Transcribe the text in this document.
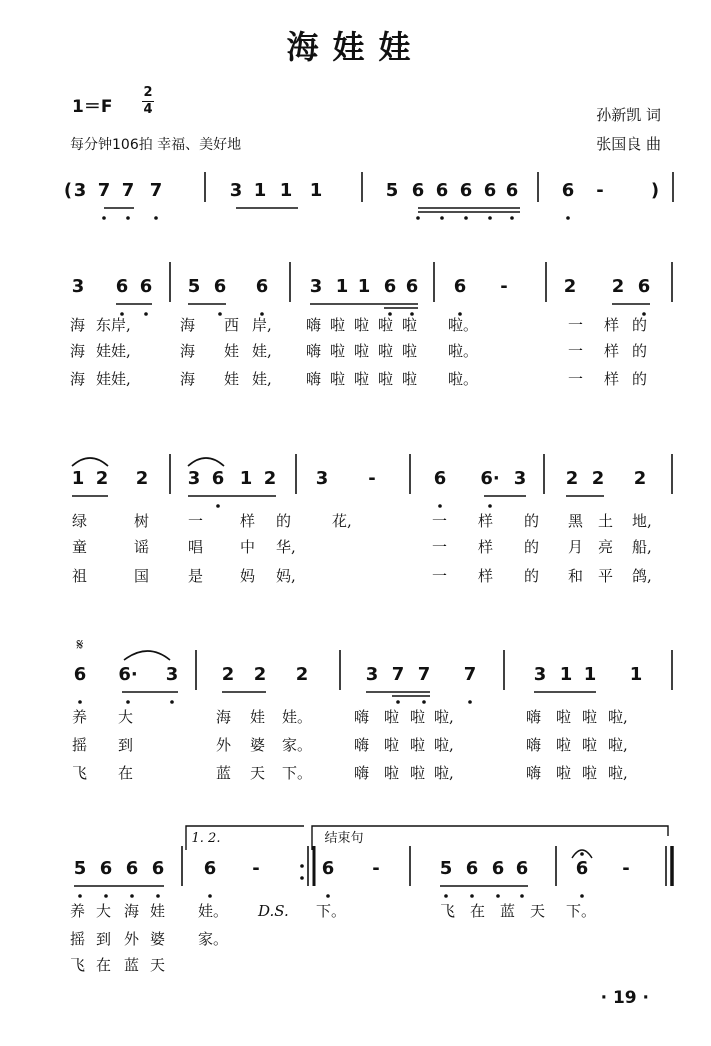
海娃娃
1＝F
2
4
每分钟106拍 幸福、美好地
孙新凯 词
张国良 曲
· 19 ·
( 3 7 7 7	3 1 1 1	5 6 6 6 6 6 6 -	)
3 6 6 5 6 6 3 1 1 6 6 6 -	2 2 6
1 2 2 3 6 1 2 3 -	6 6· 3 2 2 2
𝄋
6 6· 3 2 2 2	3 7 7 7	3 1 1 1
1. 2.	结束句
5 6 6 6 6 -	6 -	5 6 6 6	6 -
海 东岸,	海 西 岸, 嗨 啦 啦 啦 啦 啦。	一 样 的
海 娃娃,	海 娃 娃, 嗨 啦 啦 啦 啦 啦。	一 样 的
海 娃娃,	海 娃 娃, 嗨 啦 啦 啦 啦 啦。	一 样 的
绿	树	一 样 的	花,	一 样 的 黑 土 地,
童	谣	唱 中 华,	一 样 的 月 亮 船,
祖	国	是 妈 妈,	一 样 的 和 平 鸽,
养 大	海 娃 娃。	嗨 啦 啦 啦,	嗨 啦 啦 啦,
摇 到	外 婆 家。	嗨 啦 啦 啦,	嗨 啦 啦 啦,
飞 在	蓝 天 下。	嗨 啦 啦 啦,	嗨 啦 啦 啦,
养 大 海 娃 娃。 D.S. 下。	飞 在 蓝 天 下。
摇 到 外 婆 家。
飞 在 蓝 天
